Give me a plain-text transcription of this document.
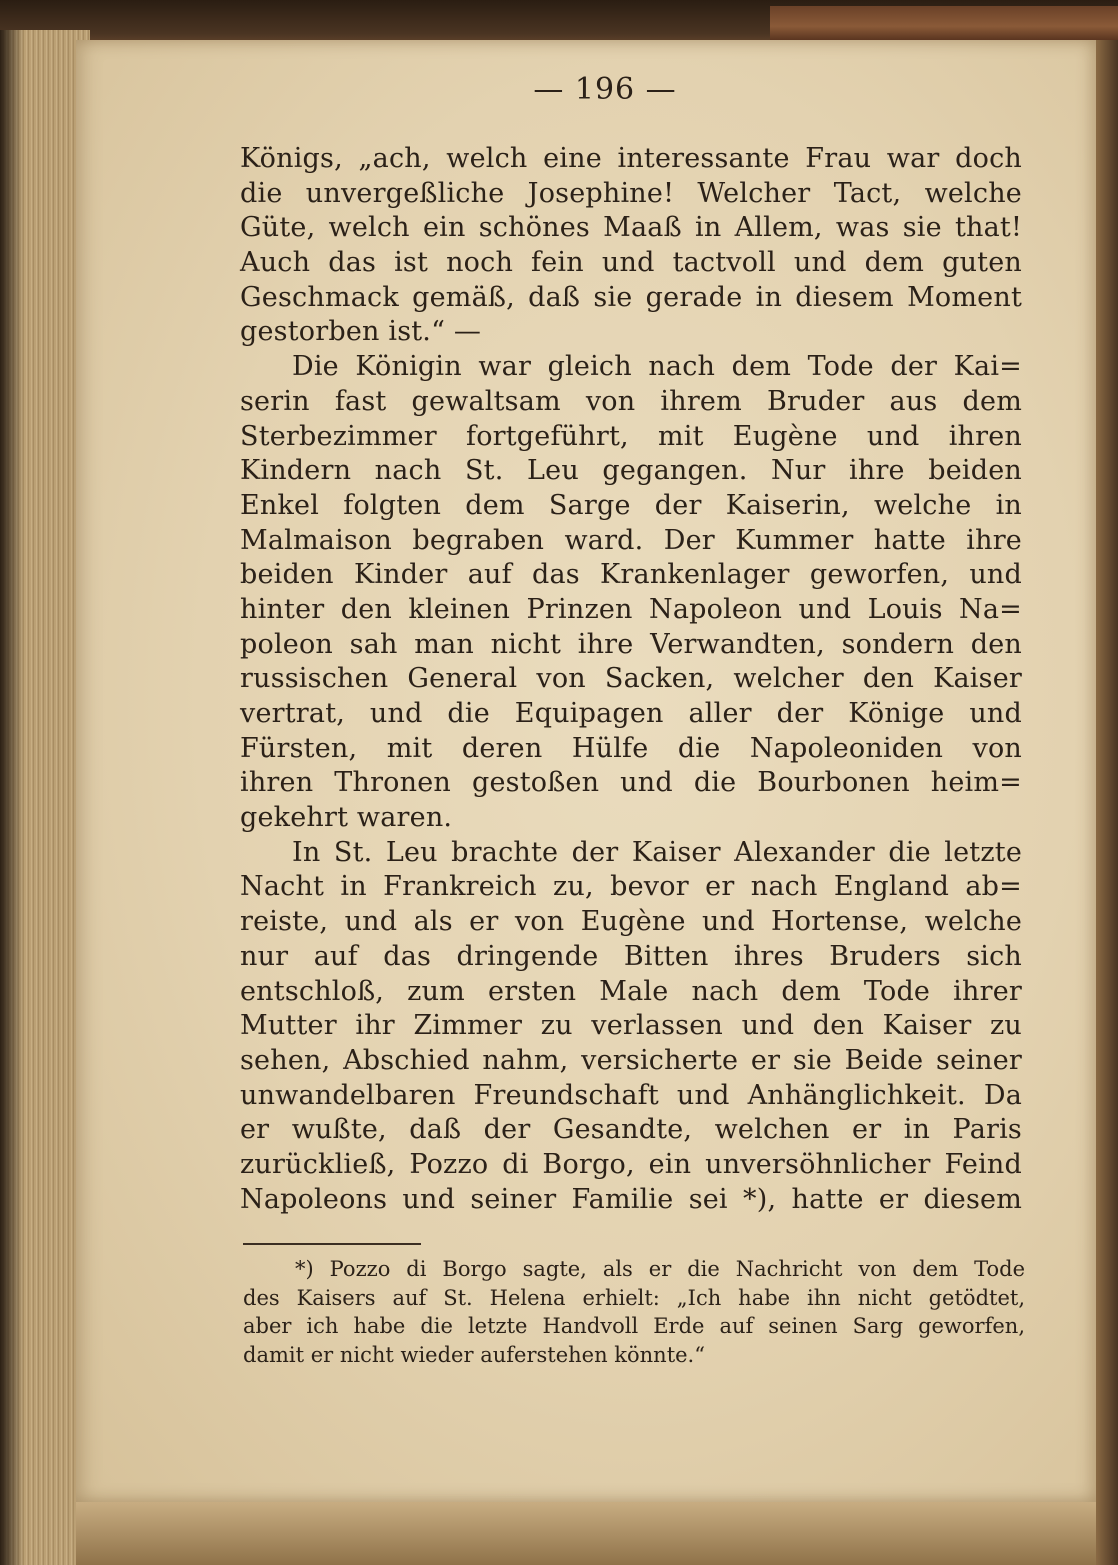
— 196 —
Königs, „ach, welch eine interessante Frau war doch
die unvergeßliche Josephine! Welcher Tact, welche
Güte, welch ein schönes Maaß in Allem, was sie that!
Auch das ist noch fein und tactvoll und dem guten
Geschmack gemäß, daß sie gerade in diesem Moment
gestorben ist.“ —
Die Königin war gleich nach dem Tode der Kai=
serin fast gewaltsam von ihrem Bruder aus dem
Sterbezimmer fortgeführt, mit Eugène und ihren
Kindern nach St. Leu gegangen. Nur ihre beiden
Enkel folgten dem Sarge der Kaiserin, welche in
Malmaison begraben ward. Der Kummer hatte ihre
beiden Kinder auf das Krankenlager geworfen, und
hinter den kleinen Prinzen Napoleon und Louis Na=
poleon sah man nicht ihre Verwandten, sondern den
russischen General von Sacken, welcher den Kaiser
vertrat, und die Equipagen aller der Könige und
Fürsten, mit deren Hülfe die Napoleoniden von
ihren Thronen gestoßen und die Bourbonen heim=
gekehrt waren.
In St. Leu brachte der Kaiser Alexander die letzte
Nacht in Frankreich zu, bevor er nach England ab=
reiste, und als er von Eugène und Hortense, welche
nur auf das dringende Bitten ihres Bruders sich
entschloß, zum ersten Male nach dem Tode ihrer
Mutter ihr Zimmer zu verlassen und den Kaiser zu
sehen, Abschied nahm, versicherte er sie Beide seiner
unwandelbaren Freundschaft und Anhänglichkeit. Da
er wußte, daß der Gesandte, welchen er in Paris
zurückließ, Pozzo di Borgo, ein unversöhnlicher Feind
Napoleons und seiner Familie sei *), hatte er diesem
*) Pozzo di Borgo sagte, als er die Nachricht von dem Tode
des Kaisers auf St. Helena erhielt: „Ich habe ihn nicht getödtet,
aber ich habe die letzte Handvoll Erde auf seinen Sarg geworfen,
damit er nicht wieder auferstehen könnte.“
